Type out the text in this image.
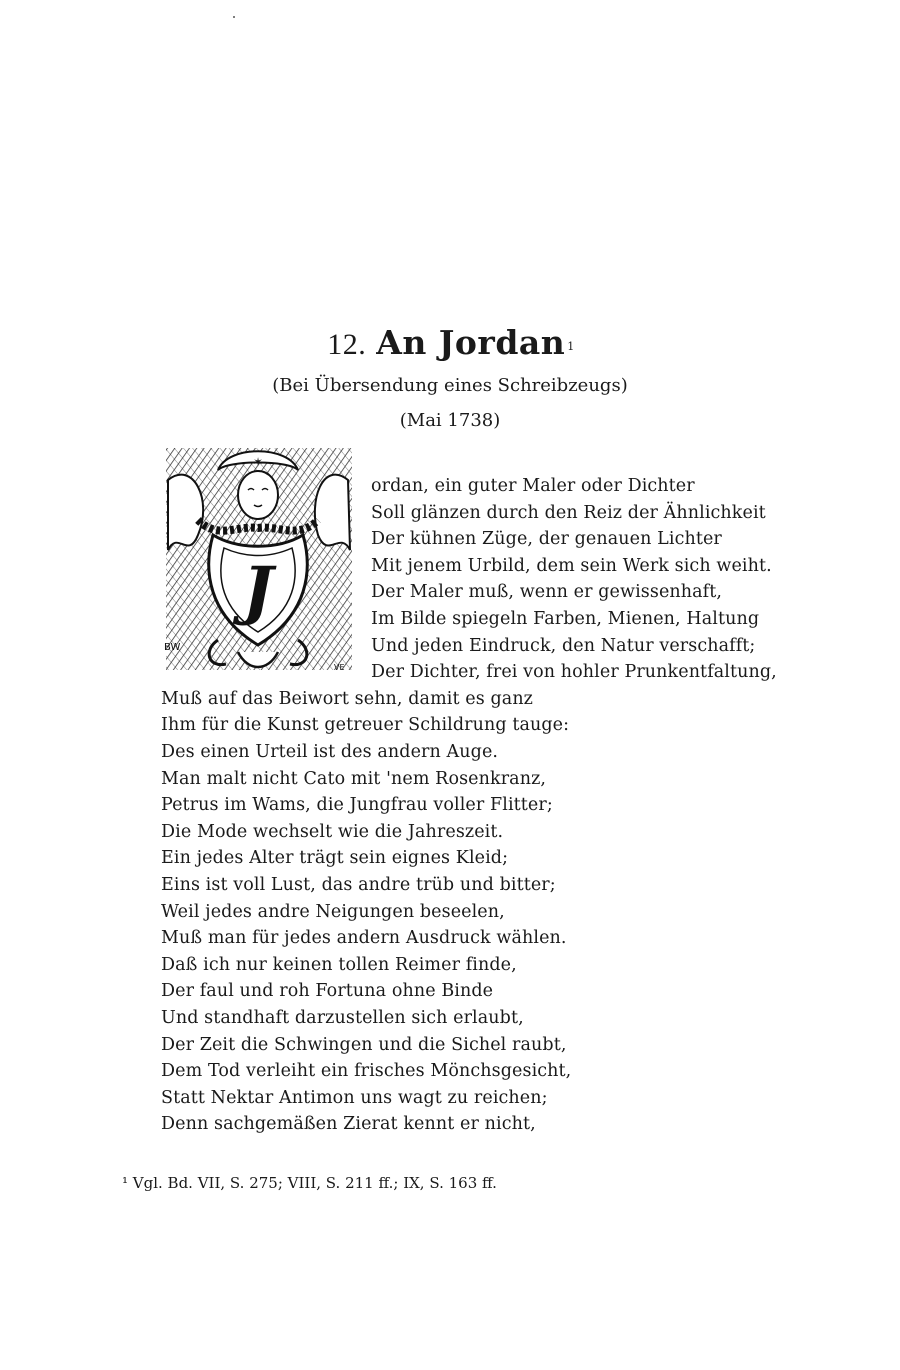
12. An Jordan $^1$
(Bei Übersendung eines Schreibzeugs)
(Mai 1738)
✶
J
BW
VE
ordan, ein guter Maler oder Dichter
Soll glänzen durch den Reiz der Ähnlichkeit
Der kühnen Züge, der genauen Lichter
Mit jenem Urbild, dem sein Werk sich weiht.
Der Maler muß, wenn er gewissenhaft,
Im Bilde spiegeln Farben, Mienen, Haltung
Und jeden Eindruck, den Natur verschafft;
Der Dichter, frei von hohler Prunkentfaltung,
Muß auf das Beiwort sehn, damit es ganz
Ihm für die Kunst getreuer Schildrung tauge:
Des einen Urteil ist des andern Auge.
Man malt nicht Cato mit 'nem Rosenkranz,
Petrus im Wams, die Jungfrau voller Flitter;
Die Mode wechselt wie die Jahreszeit.
Ein jedes Alter trägt sein eignes Kleid;
Eins ist voll Lust, das andre trüb und bitter;
Weil jedes andre Neigungen beseelen,
Muß man für jedes andern Ausdruck wählen.
Daß ich nur keinen tollen Reimer finde,
Der faul und roh Fortuna ohne Binde
Und standhaft darzustellen sich erlaubt,
Der Zeit die Schwingen und die Sichel raubt,
Dem Tod verleiht ein frisches Mönchsgesicht,
Statt Nektar Antimon uns wagt zu reichen;
Denn sachgemäßen Zierat kennt er nicht,
¹ Vgl. Bd. VII, S. 275; VIII, S. 211 ff.; IX, S. 163 ff.
